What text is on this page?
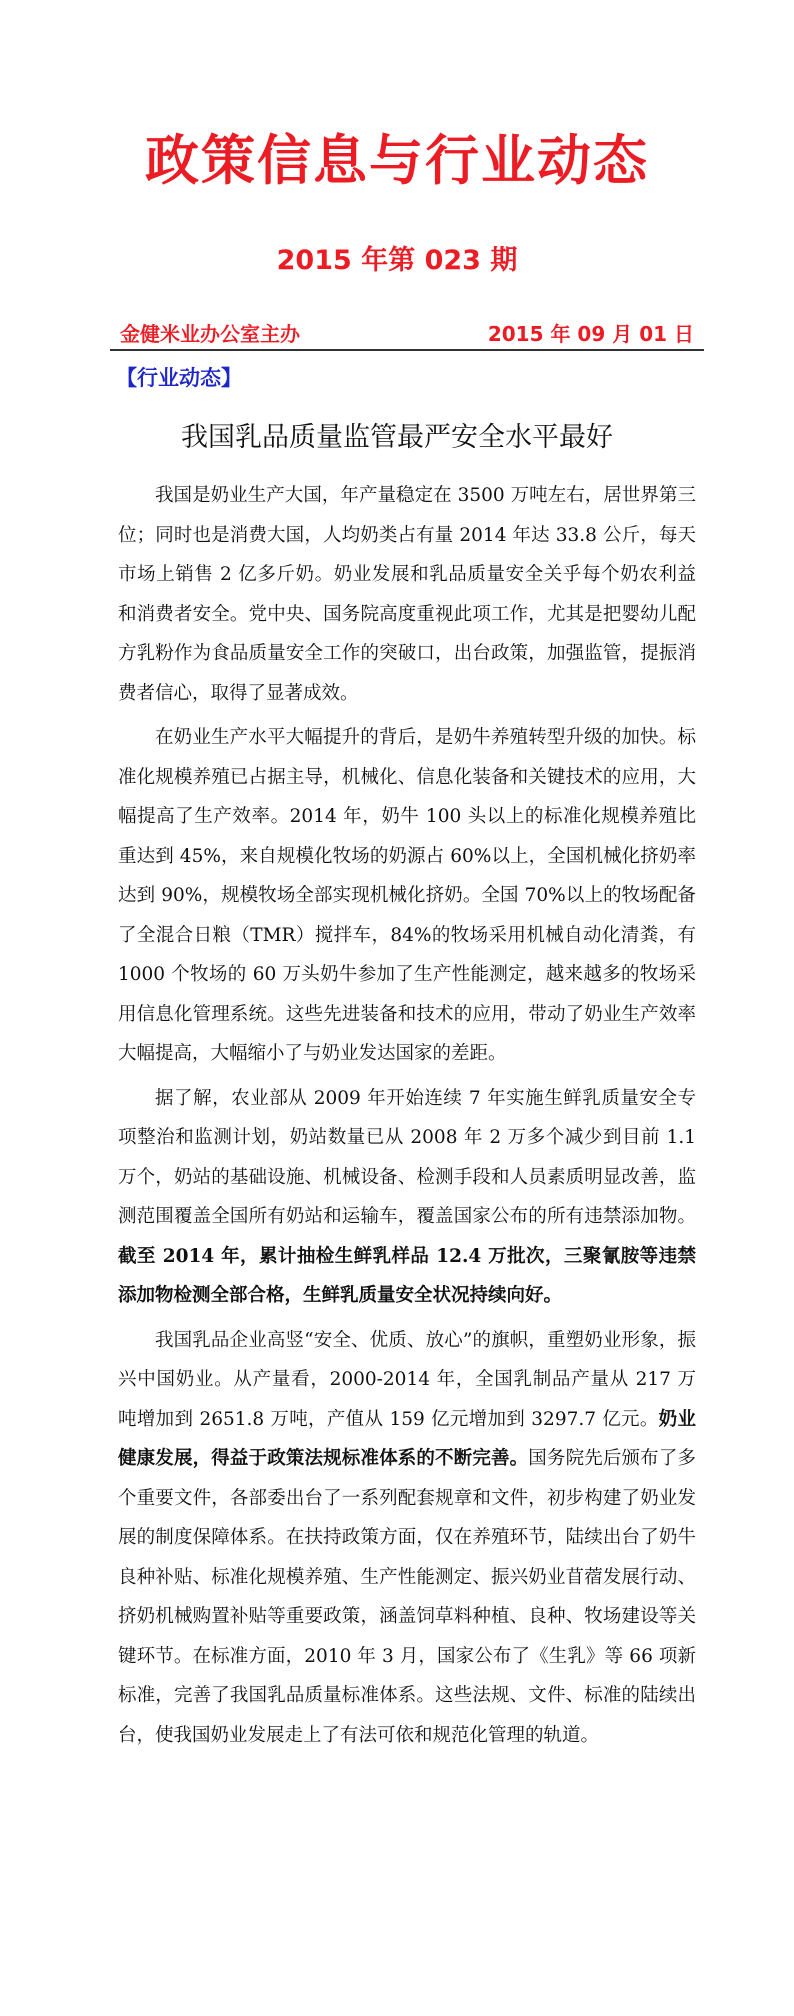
政策信息与行业动态
2015 年第 023 期
金健米业办公室主办	2015 年 09 月 01 日
【行业动态】
我国乳品质量监管最严安全水平最好

我国是奶业生产大国，年产量稳定在 3500 万吨左右，居世界第三位；同时也是消费大国，人均奶类占有量 2014 年达 33.8 公斤，每天市场上销售 2 亿多斤奶。奶业发展和乳品质量安全关乎每个奶农利益和消费者安全。党中央、国务院高度重视此项工作，尤其是把婴幼儿配方乳粉作为食品质量安全工作的突破口，出台政策，加强监管，提振消费者信心，取得了显著成效。

在奶业生产水平大幅提升的背后，是奶牛养殖转型升级的加快。标准化规模养殖已占据主导，机械化、信息化装备和关键技术的应用，大幅提高了生产效率。2014 年，奶牛 100 头以上的标准化规模养殖比重达到 45%，来自规模化牧场的奶源占 60%以上，全国机械化挤奶率达到 90%，规模牧场全部实现机械化挤奶。全国 70%以上的牧场配备了全混合日粮（TMR）搅拌车，84%的牧场采用机械自动化清粪，有 1000 个牧场的 60 万头奶牛参加了生产性能测定，越来越多的牧场采用信息化管理系统。这些先进装备和技术的应用，带动了奶业生产效率大幅提高，大幅缩小了与奶业发达国家的差距。

据了解，农业部从 2009 年开始连续 7 年实施生鲜乳质量安全专项整治和监测计划，奶站数量已从 2008 年 2 万多个减少到目前 1.1 万个，奶站的基础设施、机械设备、检测手段和人员素质明显改善，监测范围覆盖全国所有奶站和运输车，覆盖国家公布的所有违禁添加物。截至 2014 年，累计抽检生鲜乳样品 12.4 万批次，三聚氰胺等违禁添加物检测全部合格，生鲜乳质量安全状况持续向好。

我国乳品企业高竖“安全、优质、放心”的旗帜，重塑奶业形象，振兴中国奶业。从产量看，2000-2014 年，全国乳制品产量从 217 万吨增加到 2651.8 万吨，产值从 159 亿元增加到 3297.7 亿元。奶业健康发展，得益于政策法规标准体系的不断完善。国务院先后颁布了多个重要文件，各部委出台了一系列配套规章和文件，初步构建了奶业发展的制度保障体系。在扶持政策方面，仅在养殖环节，陆续出台了奶牛良种补贴、标准化规模养殖、生产性能测定、振兴奶业苜蓿发展行动、挤奶机械购置补贴等重要政策，涵盖饲草料种植、良种、牧场建设等关键环节。在标准方面，2010 年 3 月，国家公布了《生乳》等 66 项新标准，完善了我国乳品质量标准体系。这些法规、文件、标准的陆续出台，使我国奶业发展走上了有法可依和规范化管理的轨道。
